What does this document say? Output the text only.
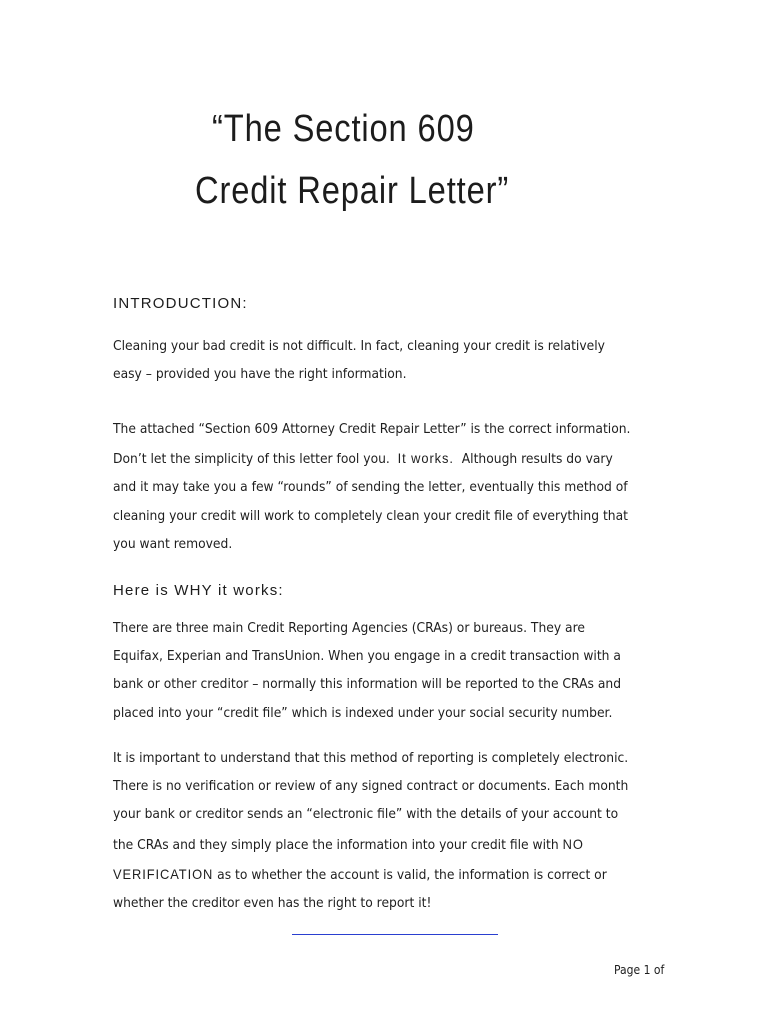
“The Section 609
Credit Repair Letter”
INTRODUCTION:
Cleaning your bad credit is not difficult. In fact, cleaning your credit is relatively
easy – provided you have the right information.
The attached “Section 609 Attorney Credit Repair Letter” is the correct information.
Don’t let the simplicity of this letter fool you. It works. Although results do vary
and it may take you a few “rounds” of sending the letter, eventually this method of
cleaning your credit will work to completely clean your credit file of everything that
you want removed.
Here is WHY it works:
There are three main Credit Reporting Agencies (CRAs) or bureaus. They are
Equifax, Experian and TransUnion. When you engage in a credit transaction with a
bank or other creditor – normally this information will be reported to the CRAs and
placed into your “credit file” which is indexed under your social security number.
It is important to understand that this method of reporting is completely electronic.
There is no verification or review of any signed contract or documents. Each month
your bank or creditor sends an “electronic file” with the details of your account to
the CRAs and they simply place the information into your credit file with NO
VERIFICATION as to whether the account is valid, the information is correct or
whether the creditor even has the right to report it!
Page 1 of
